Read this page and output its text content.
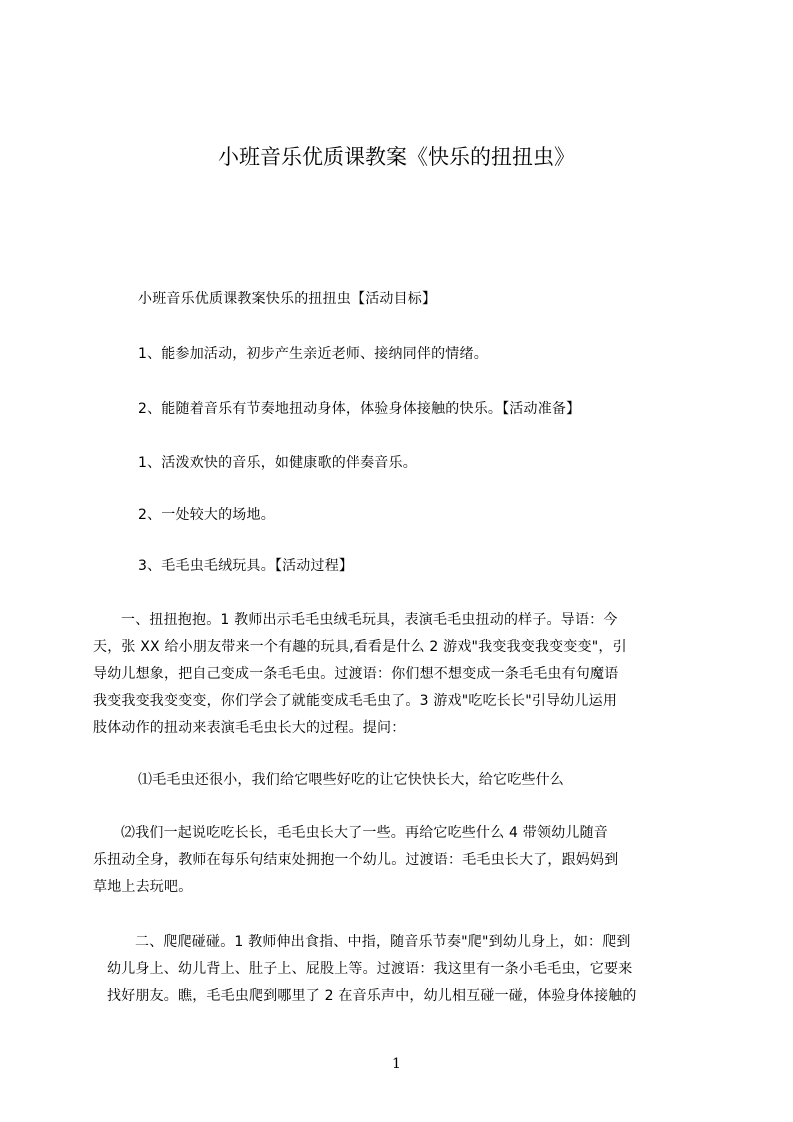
小班音乐优质课教案《快乐的扭扭虫》
小班音乐优质课教案快乐的扭扭虫【活动目标】
1、能参加活动，初步产生亲近老师、接纳同伴的情绪。
2、能随着音乐有节奏地扭动身体，体验身体接触的快乐。【活动准备】
1、活泼欢快的音乐，如健康歌的伴奏音乐。
2、一处较大的场地。
3、毛毛虫毛绒玩具。【活动过程】
一、扭扭抱抱。1 教师出示毛毛虫绒毛玩具，表演毛毛虫扭动的样子。导语：今
天，张 XX 给小朋友带来一个有趣的玩具,看看是什么 2 游戏"我变我变我变变变"，引
导幼儿想象，把自己变成一条毛毛虫。过渡语：你们想不想变成一条毛毛虫有句魔语
我变我变我变变变，你们学会了就能变成毛毛虫了。3 游戏"吃吃长长"引导幼儿运用
肢体动作的扭动来表演毛毛虫长大的过程。提问：
⑴毛毛虫还很小，我们给它喂些好吃的让它快快长大，给它吃些什么
⑵我们一起说吃吃长长，毛毛虫长大了一些。再给它吃些什么 4 带领幼儿随音
乐扭动全身，教师在每乐句结束处拥抱一个幼儿。过渡语：毛毛虫长大了，跟妈妈到
草地上去玩吧。
二、爬爬碰碰。1 教师伸出食指、中指，随音乐节奏"爬"到幼儿身上，如：爬到
幼儿身上、幼儿背上、肚子上、屁股上等。过渡语：我这里有一条小毛毛虫，它要来
找好朋友。瞧，毛毛虫爬到哪里了 2 在音乐声中，幼儿相互碰一碰，体验身体接触的
1
